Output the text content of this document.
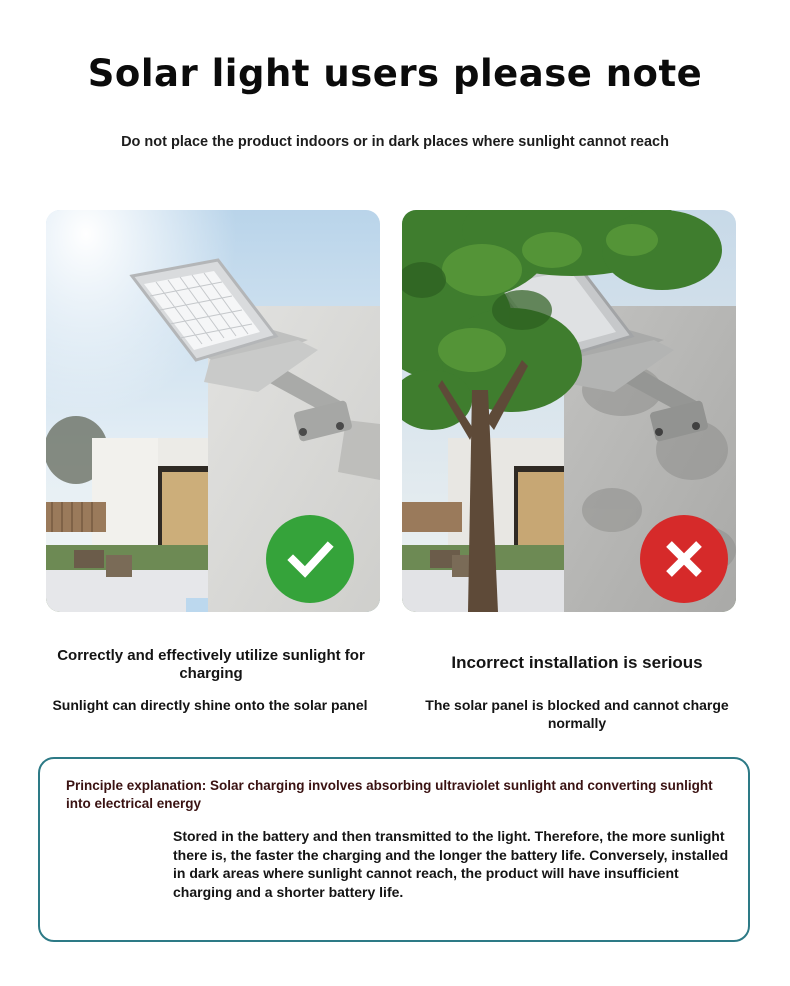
Solar light users please note
Do not place the product indoors or in dark places where sunlight cannot reach
Correctly and effectively utilize sunlight for charging
Sunlight can directly shine onto the solar panel
Incorrect installation is serious
The solar panel is blocked and cannot charge normally
Principle explanation: Solar charging involves absorbing ultraviolet sunlight and converting sunlight into electrical energy
Stored in the battery and then transmitted to the light. Therefore, the more sunlight there is, the faster the charging and the longer the battery life. Conversely, installed in dark areas where sunlight cannot reach, the product will have insufficient charging and a shorter battery life.
